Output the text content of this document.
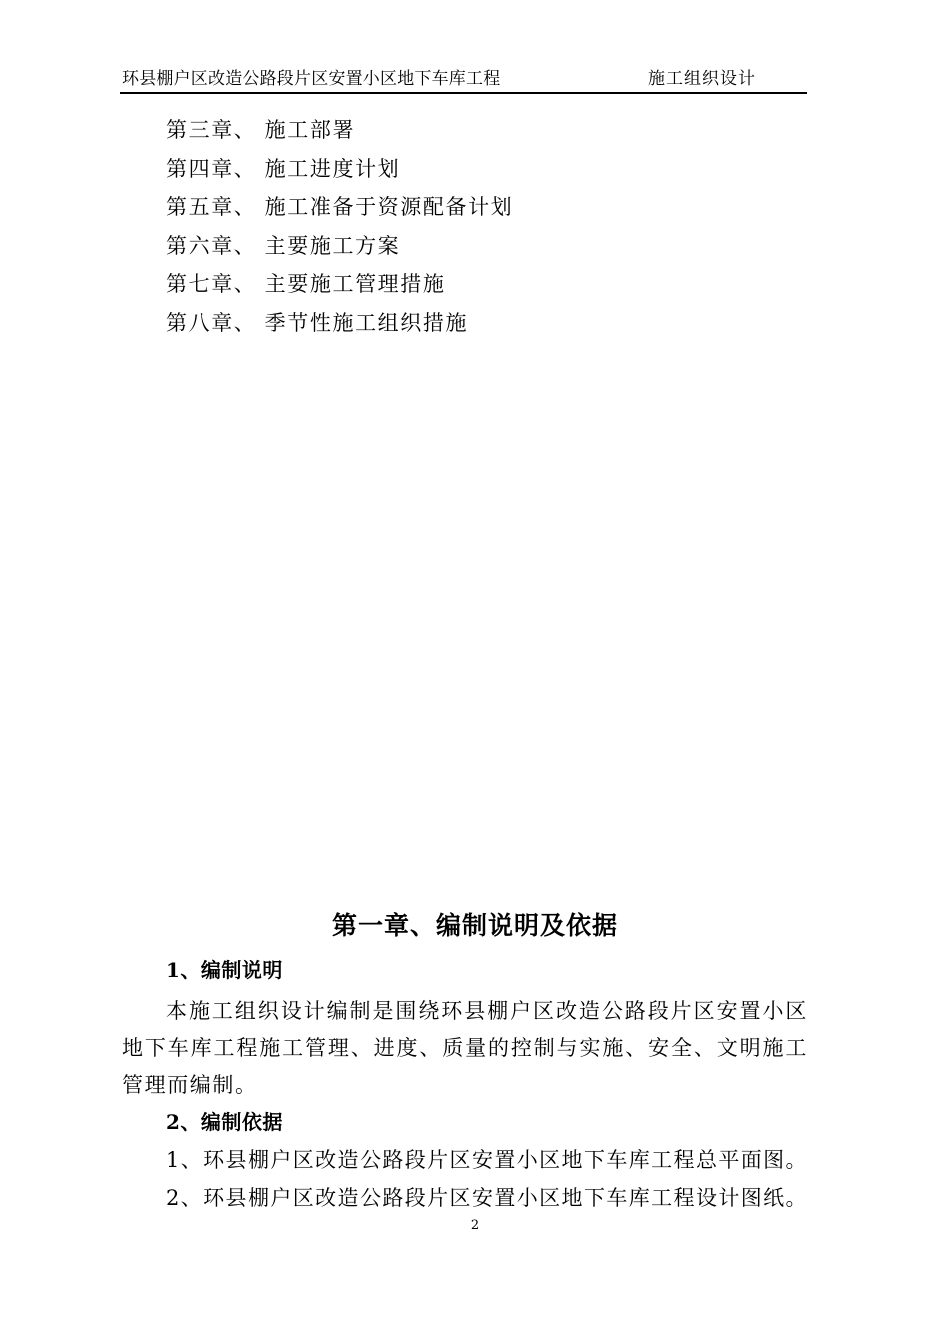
环县棚户区改造公路段片区安置小区地下车库工程	施工组织设计
第三章、 施工部署
第四章、 施工进度计划
第五章、 施工准备于资源配备计划
第六章、 主要施工方案
第七章、 主要施工管理措施
第八章、 季节性施工组织措施
第一章、编制说明及依据
1、编制说明

本施工组织设计编制是围绕环县棚户区改造公路段片区安置小区地下车库工程施工管理、进度、质量的控制与实施、安全、文明施工管理而编制。

2、编制依据

1、环县棚户区改造公路段片区安置小区地下车库工程总平面图。

2、环县棚户区改造公路段片区安置小区地下车库工程设计图纸。

2
